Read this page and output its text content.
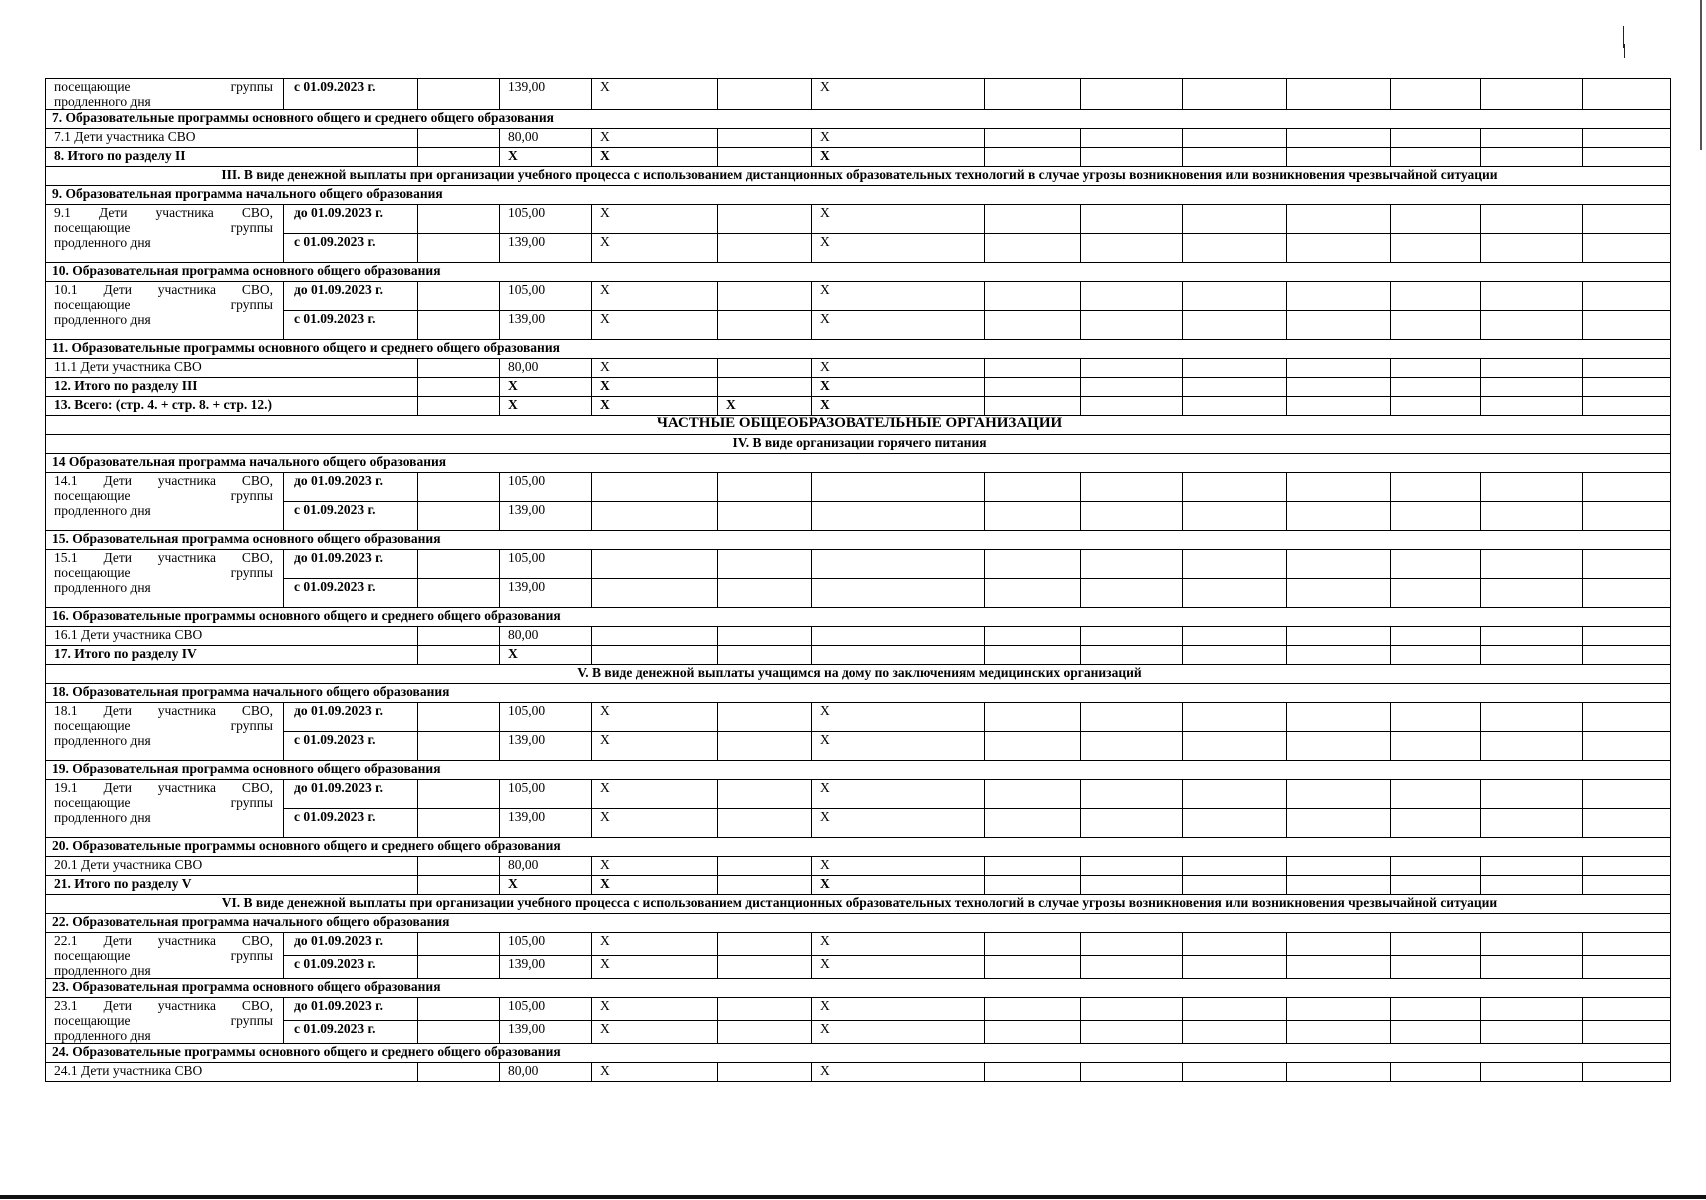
посещающие группы
продленного дня	с 01.09.2023 г.		139,00	X		X							
7. Образовательные программы основного общего и среднего общего образования													
7.1 Дети участника СВО			80,00	X		X							
8. Итого по разделу II			X	X		X							
III. В виде денежной выплаты при организации учебного процесса с использованием дистанционных образовательных технологий в случае угрозы возникновения или возникновения чрезвычайной ситуации													
9. Образовательная программа начального общего образования													

9.1 Дети участника СВО,
посещающие группы
продленного дня	до 01.09.2023 г.		105,00	X		X							
	с 01.09.2023 г.		139,00	X		X							
10. Образовательная программа основного общего образования													

10.1 Дети участника СВО,
посещающие группы
продленного дня	до 01.09.2023 г.		105,00	X		X							
	с 01.09.2023 г.		139,00	X		X							
11. Образовательные программы основного общего и среднего общего образования													
11.1 Дети участника СВО			80,00	X		X							
12. Итого по разделу III			X	X		X							
13. Всего: (стр. 4. + стр. 8. + стр. 12.)			X	X	X	X							
ЧАСТНЫЕ ОБЩЕОБРАЗОВАТЕЛЬНЫЕ ОРГАНИЗАЦИИ													
IV. В виде организации горячего питания													
14 Образовательная программа начального общего образования													

14.1 Дети участника СВО,
посещающие группы
продленного дня	до 01.09.2023 г.		105,00										
	с 01.09.2023 г.		139,00										
15. Образовательная программа основного общего образования													

15.1 Дети участника СВО,
посещающие группы
продленного дня	до 01.09.2023 г.		105,00										
	с 01.09.2023 г.		139,00										
16. Образовательные программы основного общего и среднего общего образования													
16.1 Дети участника СВО			80,00										
17. Итого по разделу IV			X										
V. В виде денежной выплаты учащимся на дому по заключениям медицинских организаций													
18. Образовательная программа начального общего образования													

18.1 Дети участника СВО,
посещающие группы
продленного дня	до 01.09.2023 г.		105,00	X		X							
	с 01.09.2023 г.		139,00	X		X							
19. Образовательная программа основного общего образования													

19.1 Дети участника СВО,
посещающие группы
продленного дня	до 01.09.2023 г.		105,00	X		X							
	с 01.09.2023 г.		139,00	X		X							
20. Образовательные программы основного общего и среднего общего образования													
20.1 Дети участника СВО			80,00	X		X							
21. Итого по разделу V			X	X		X							
VI. В виде денежной выплаты при организации учебного процесса с использованием дистанционных образовательных технологий в случае угрозы возникновения или возникновения чрезвычайной ситуации													
22. Образовательная программа начального общего образования													

22.1 Дети участника СВО,
посещающие группы
продленного дня	до 01.09.2023 г.		105,00	X		X							
	с 01.09.2023 г.		139,00	X		X							
23. Образовательная программа основного общего образования													

23.1 Дети участника СВО,
посещающие группы
продленного дня	до 01.09.2023 г.		105,00	X		X							
	с 01.09.2023 г.		139,00	X		X							
24. Образовательные программы основного общего и среднего общего образования													
24.1 Дети участника СВО			80,00	X		X							
